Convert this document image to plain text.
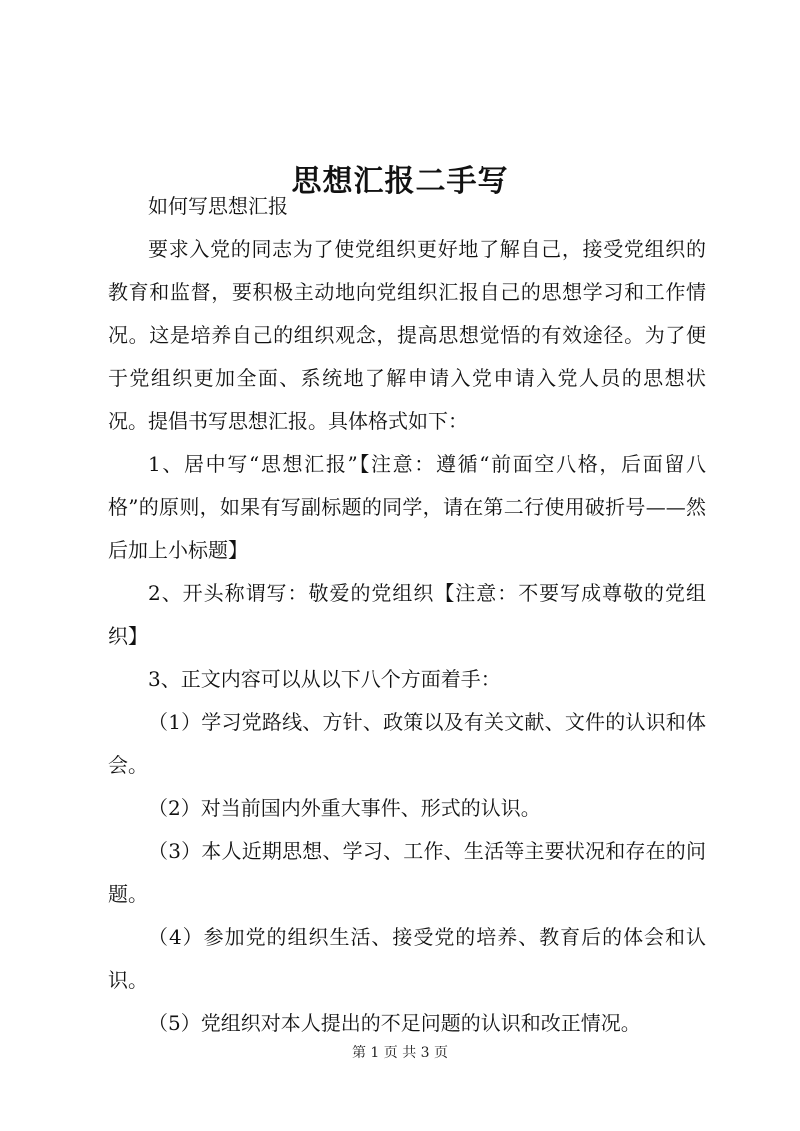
思想汇报二手写

如何写思想汇报

要求入党的同志为了使党组织更好地了解自己，接受党组织的教育和监督，要积极主动地向党组织汇报自己的思想学习和工作情况。这是培养自己的组织观念，提高思想觉悟的有效途径。为了便于党组织更加全面、系统地了解申请入党申请入党人员的思想状况。提倡书写思想汇报。具体格式如下：

1、居中写“思想汇报”【注意：遵循“前面空八格，后面留八格”的原则，如果有写副标题的同学，请在第二行使用破折号——然后加上小标题】

2、开头称谓写：敬爱的党组织【注意：不要写成尊敬的党组织】

3、正文内容可以从以下八个方面着手：

（1）学习党路线、方针、政策以及有关文献、文件的认识和体会。

（2）对当前国内外重大事件、形式的认识。

（3）本人近期思想、学习、工作、生活等主要状况和存在的问题。

（4）参加党的组织生活、接受党的培养、教育后的体会和认识。

（5）党组织对本人提出的不足问题的认识和改正情况。

第 1 页 共 3 页
